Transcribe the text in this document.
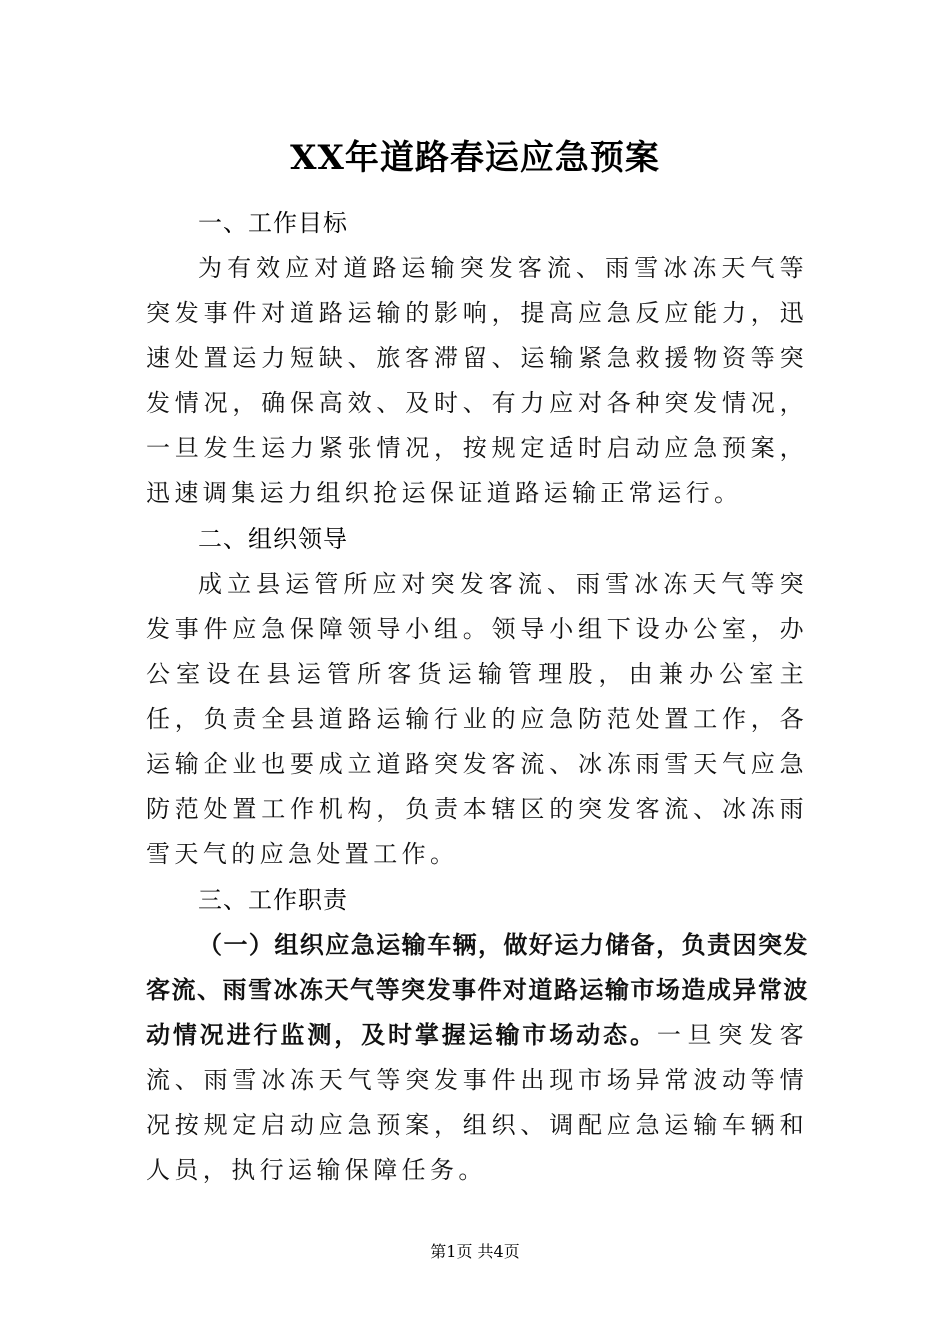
XX年道路春运应急预案
一、工作目标

为有效应对道路运输突发客流、雨雪冰冻天气等突发事件对道路运输的影响，提高应急反应能力，迅速处置运力短缺、旅客滞留、运输紧急救援物资等突发情况，确保高效、及时、有力应对各种突发情况，一旦发生运力紧张情况，按规定适时启动应急预案，迅速调集运力组织抢运保证道路运输正常运行。

二、组织领导

成立县运管所应对突发客流、雨雪冰冻天气等突发事件应急保障领导小组。领导小组下设办公室，办公室设在县运管所客货运输管理股，由兼办公室主任，负责全县道路运输行业的应急防范处置工作，各运输企业也要成立道路突发客流、冰冻雨雪天气应急防范处置工作机构，负责本辖区的突发客流、冰冻雨雪天气的应急处置工作。

三、工作职责

（一）组织应急运输车辆，做好运力储备，负责因突发客流、雨雪冰冻天气等突发事件对道路运输市场造成异常波动情况进行监测，及时掌握运输市场动态。一旦突发客流、雨雪冰冻天气等突发事件出现市场异常波动等情况按规定启动应急预案，组织、调配应急运输车辆和人员，执行运输保障任务。

第1页 共4页
